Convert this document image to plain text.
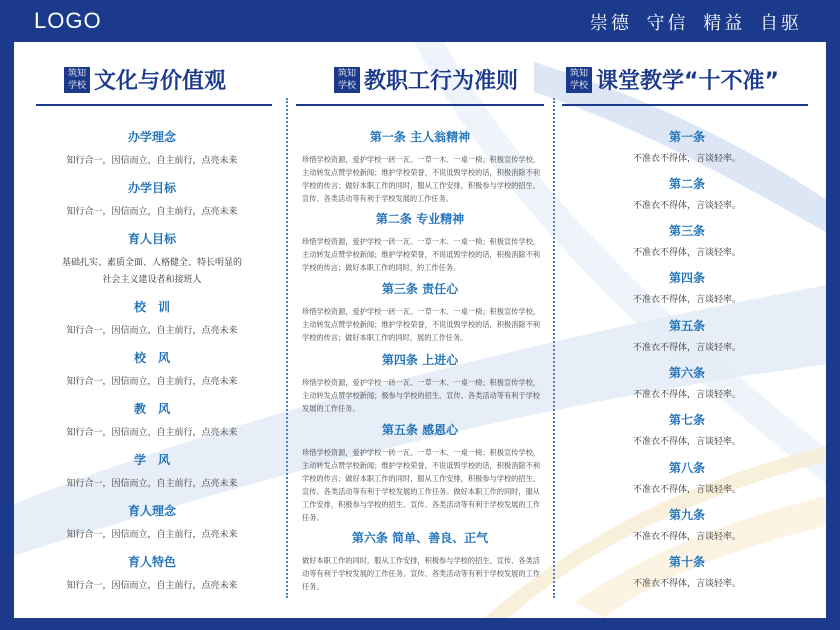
LOGO	崇德 守信 精益 自驱
筑知
学校 文化与价值观
办学理念
知行合一，因信而立，自主前行，点亮未来
办学目标
知行合一，因信而立，自主前行，点亮未来
育人目标
基础扎实、素质全面、人格健全、特长明显的社会主义建设者和接班人
校　训
知行合一，因信而立，自主前行，点亮未来
校　风
知行合一，因信而立，自主前行，点亮未来
教　风
知行合一，因信而立，自主前行，点亮未来
学　风
知行合一，因信而立，自主前行，点亮未来
育人理念
知行合一，因信而立，自主前行，点亮未来
育人特色
知行合一，因信而立，自主前行，点亮未来
筑知
学校 教职工行为准则
第一条 主人翁精神
珍惜学校资源，爱护学校一砖一瓦、一草一木、一桌一椅；积极宣传学校，主动转发点赞学校新闻；维护学校荣誉，不说诋毁学校的话，积极消除不利学校的传言；做好本职工作的同时，服从工作安排，积极参与学校的招生、宣传、各类活动等有利于学校发展的工作任务。
第二条 专业精神
珍惜学校资源，爱护学校一砖一瓦、一草一木、一桌一椅；积极宣传学校，主动转发点赞学校新闻；维护学校荣誉，不说诋毁学校的话，积极消除不利学校的传言；做好本职工作的同时，的工作任务。
第三条 责任心
珍惜学校资源，爱护学校一砖一瓦、一草一木、一桌一椅；积极宣传学校，主动转发点赞学校新闻；维护学校荣誉，不说诋毁学校的话，积极消除不利学校的传言；做好本职工作的同时，展的工作任务。
第四条 上进心
珍惜学校资源，爱护学校一砖一瓦、一草一木、一桌一椅；积极宣传学校，主动转发点赞学校新闻；极参与学校的招生、宣传、各类活动等有利于学校发展的工作任务。
第五条 感恩心
珍惜学校资源，爱护学校一砖一瓦、一草一木、一桌一椅；积极宣传学校，主动转发点赞学校新闻；维护学校荣誉，不说诋毁学校的话，积极消除不利学校的传言；做好本职工作的同时，服从工作安排，积极参与学校的招生、宣传、各类活动等有利于学校发展的工作任务。做好本职工作的同时，服从工作安排，积极参与学校的招生、宣传、各类活动等有利于学校发展的工作任务。
第六条 简单、善良、正气
做好本职工作的同时，服从工作安排，积极参与学校的招生、宣传、各类活动等有利于学校发展的工作任务。宣传、各类活动等有利于学校发展的工作任务。
筑知
学校 课堂教学“十不准”
第一条
不准衣不得体，言谈轻率。
第二条
不准衣不得体，言谈轻率。
第三条
不准衣不得体，言谈轻率。
第四条
不准衣不得体，言谈轻率。
第五条
不准衣不得体，言谈轻率。
第六条
不准衣不得体，言谈轻率。
第七条
不准衣不得体，言谈轻率。
第八条
不准衣不得体，言谈轻率。
第九条
不准衣不得体，言谈轻率。
第十条
不准衣不得体，言谈轻率。
